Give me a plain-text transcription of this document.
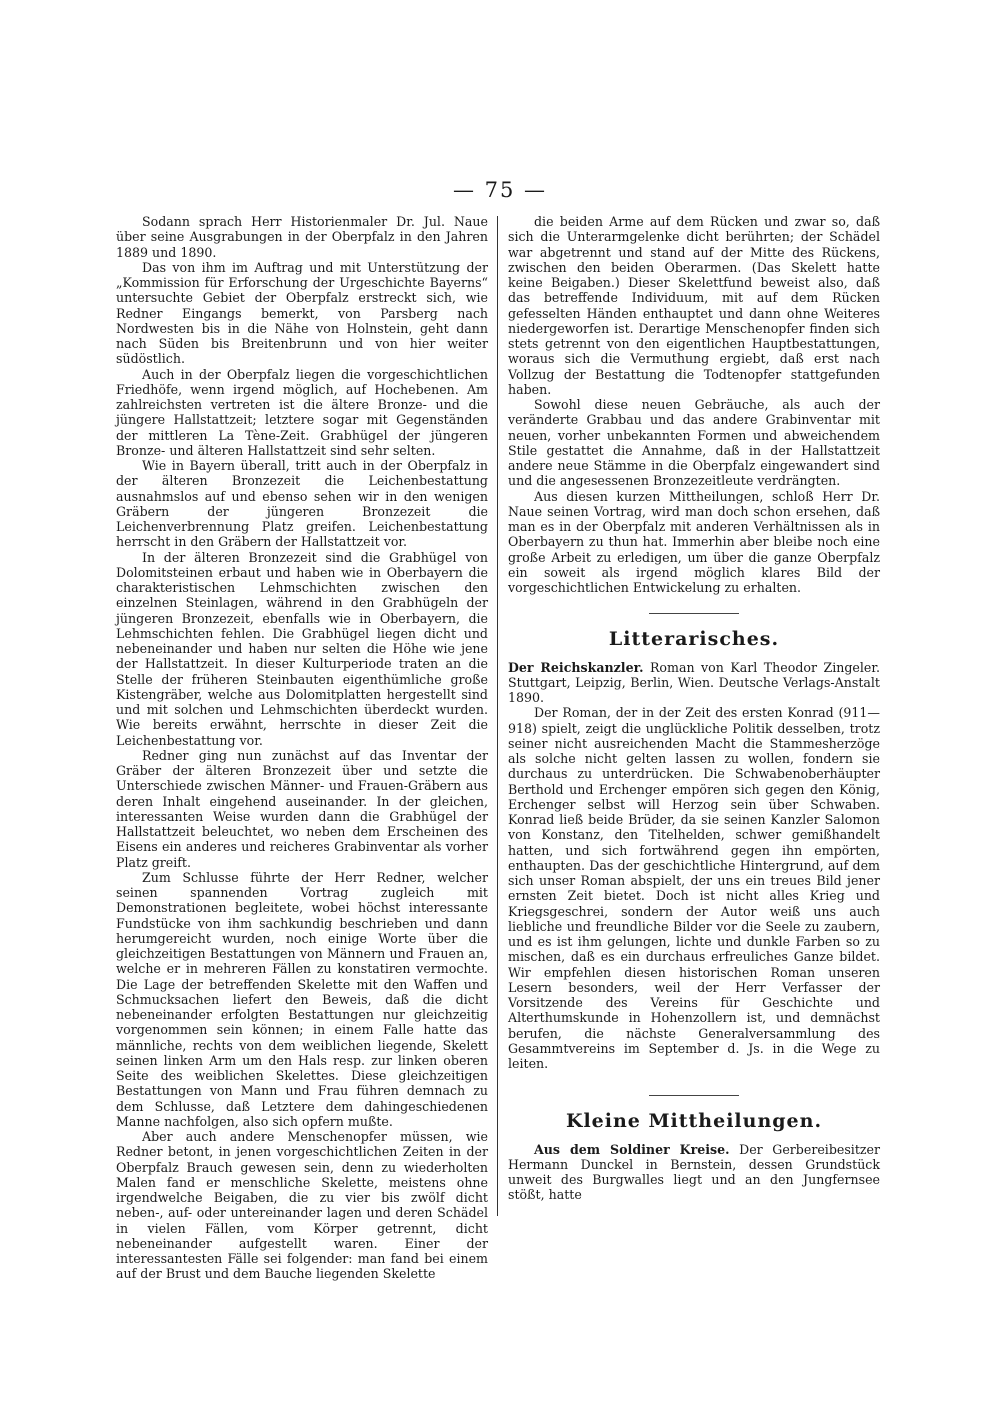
— 75 —

Sodann sprach Herr Historienmaler Dr. Jul. Naue über seine Ausgrabungen in der Oberpfalz in den Jahren 1889 und 1890.

Das von ihm im Auftrag und mit Unterstützung der „Kommission für Erforschung der Urgeschichte Bayerns“ untersuchte Gebiet der Oberpfalz erstreckt sich, wie Redner Eingangs bemerkt, von Parsberg nach Nordwesten bis in die Nähe von Holnstein, geht dann nach Süden bis Breitenbrunn und von hier weiter südöstlich.

Auch in der Oberpfalz liegen die vorgeschichtlichen Friedhöfe, wenn irgend möglich, auf Hochebenen. Am zahlreichsten vertreten ist die ältere Bronze- und die jüngere Hallstattzeit; letztere sogar mit Gegenständen der mittleren La Tène-Zeit. Grabhügel der jüngeren Bronze- und älteren Hallstattzeit sind sehr selten.

Wie in Bayern überall, tritt auch in der Oberpfalz in der älteren Bronzezeit die Leichenbestattung ausnahmslos auf und ebenso sehen wir in den wenigen Gräbern der jüngeren Bronzezeit die Leichenverbrennung Platz greifen. Leichenbestattung herrscht in den Gräbern der Hallstattzeit vor.

In der älteren Bronzezeit sind die Grabhügel von Dolomitsteinen erbaut und haben wie in Oberbayern die charakteristischen Lehmschichten zwischen den einzelnen Steinlagen, während in den Grabhügeln der jüngeren Bronzezeit, ebenfalls wie in Oberbayern, die Lehmschichten fehlen. Die Grabhügel liegen dicht und nebeneinander und haben nur selten die Höhe wie jene der Hallstattzeit. In dieser Kulturperiode traten an die Stelle der früheren Steinbauten eigenthümliche große Kistengräber, welche aus Dolomitplatten hergestellt sind und mit solchen und Lehmschichten überdeckt wurden. Wie bereits erwähnt, herrschte in dieser Zeit die Leichenbestattung vor.

Redner ging nun zunächst auf das Inventar der Gräber der älteren Bronzezeit über und setzte die Unterschiede zwischen Männer- und Frauen-Gräbern aus deren Inhalt eingehend auseinander. In der gleichen, interessanten Weise wurden dann die Grabhügel der Hallstattzeit beleuchtet, wo neben dem Erscheinen des Eisens ein anderes und reicheres Grabinventar als vorher Platz greift.

Zum Schlusse führte der Herr Redner, welcher seinen spannenden Vortrag zugleich mit Demonstrationen begleitete, wobei höchst interessante Fundstücke von ihm sachkundig beschrieben und dann herumgereicht wurden, noch einige Worte über die gleichzeitigen Bestattungen von Männern und Frauen an, welche er in mehreren Fällen zu konstatiren vermochte. Die Lage der betreffenden Skelette mit den Waffen und Schmucksachen liefert den Beweis, daß die dicht nebeneinander erfolgten Bestattungen nur gleichzeitig vorgenommen sein können; in einem Falle hatte das männliche, rechts von dem weiblichen liegende, Skelett seinen linken Arm um den Hals resp. zur linken oberen Seite des weiblichen Skelettes. Diese gleichzeitigen Bestattungen von Mann und Frau führen demnach zu dem Schlusse, daß Letztere dem dahingeschiedenen Manne nachfolgen, also sich opfern mußte.

Aber auch andere Menschenopfer müssen, wie Redner betont, in jenen vorgeschichtlichen Zeiten in der Oberpfalz Brauch gewesen sein, denn zu wiederholten Malen fand er menschliche Skelette, meistens ohne irgendwelche Beigaben, die zu vier bis zwölf dicht neben-, auf- oder untereinander lagen und deren Schädel in vielen Fällen, vom Körper getrennt, dicht nebeneinander aufgestellt waren. Einer der interessantesten Fälle sei folgender: man fand bei einem auf der Brust und dem Bauche liegenden Skelette

die beiden Arme auf dem Rücken und zwar so, daß sich die Unterarmgelenke dicht berührten; der Schädel war abgetrennt und stand auf der Mitte des Rückens, zwischen den beiden Oberarmen. (Das Skelett hatte keine Beigaben.) Dieser Skelettfund beweist also, daß das betreffende Individuum, mit auf dem Rücken gefesselten Händen enthauptet und dann ohne Weiteres niedergeworfen ist. Derartige Menschenopfer finden sich stets getrennt von den eigentlichen Hauptbestattungen, woraus sich die Vermuthung ergiebt, daß erst nach Vollzug der Bestattung die Todtenopfer stattgefunden haben.

Sowohl diese neuen Gebräuche, als auch der veränderte Grabbau und das andere Grabinventar mit neuen, vorher unbekannten Formen und abweichendem Stile gestattet die Annahme, daß in der Hallstattzeit andere neue Stämme in die Oberpfalz eingewandert sind und die angesessenen Bronzezeitleute verdrängten.

Aus diesen kurzen Mittheilungen, schloß Herr Dr. Naue seinen Vortrag, wird man doch schon ersehen, daß man es in der Oberpfalz mit anderen Verhältnissen als in Oberbayern zu thun hat. Immerhin aber bleibe noch eine große Arbeit zu erledigen, um über die ganze Oberpfalz ein soweit als irgend möglich klares Bild der vorgeschichtlichen Entwickelung zu erhalten.

Litterarisches.

Der Reichskanzler. Roman von Karl Theodor Zingeler. Stuttgart, Leipzig, Berlin, Wien. Deutsche Verlags-Anstalt 1890.

Der Roman, der in der Zeit des ersten Konrad (911—918) spielt, zeigt die unglückliche Politik desselben, trotz seiner nicht ausreichenden Macht die Stammesherzöge als solche nicht gelten lassen zu wollen, fondern sie durchaus zu unterdrücken. Die Schwabenoberhäupter Berthold und Erchenger empören sich gegen den König, Erchenger selbst will Herzog sein über Schwaben. Konrad ließ beide Brüder, da sie seinen Kanzler Salomon von Konstanz, den Titelhelden, schwer gemißhandelt hatten, und sich fortwährend gegen ihn empörten, enthaupten. Das der geschichtliche Hintergrund, auf dem sich unser Roman abspielt, der uns ein treues Bild jener ernsten Zeit bietet. Doch ist nicht alles Krieg und Kriegsgeschrei, sondern der Autor weiß uns auch liebliche und freundliche Bilder vor die Seele zu zaubern, und es ist ihm gelungen, lichte und dunkle Farben so zu mischen, daß es ein durchaus erfreuliches Ganze bildet. Wir empfehlen diesen historischen Roman unseren Lesern besonders, weil der Herr Verfasser der Vorsitzende des Vereins für Geschichte und Alterthumskunde in Hohenzollern ist, und demnächst berufen, die nächste Generalversammlung des Gesammtvereins im September d. Js. in die Wege zu leiten.

Kleine Mittheilungen.

Aus dem Soldiner Kreise. Der Gerbereibesitzer Hermann Dunckel in Bernstein, dessen Grundstück unweit des Burgwalles liegt und an den Jungfernsee stößt, hatte
